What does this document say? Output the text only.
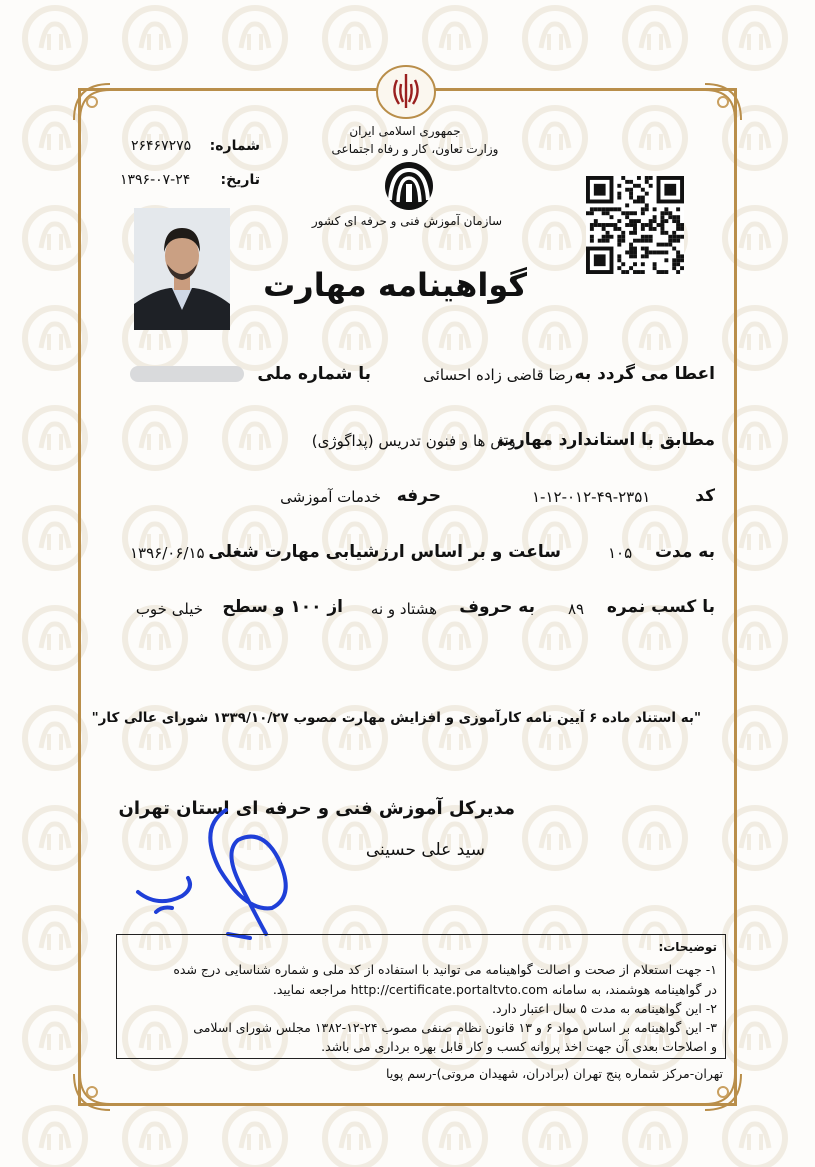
جمهوری اسلامی ایران
وزارت تعاون، کار و رفاه اجتماعی
سازمان آموزش فنی و حرفه ای کشور
شماره:
۲۶۴۶۷۲۷۵
تاریخ:
۱۳۹۶-۰۷-۲۴
گواهینامه مهارت
اعطا می گردد به
رضا قاضی زاده احسائی
با شماره ملی
مطابق با استاندارد مهارت
روش ها و فنون تدریس (پداگوژی)
کد
۱-۱۲-۰۱۲-۴۹-۲۳۵۱
حرفه
خدمات آموزشی
به مدت
۱۰۵
ساعت و بر اساس ارزشیابی مهارت شغلی
۱۳۹۶/۰۶/۱۵
با کسب نمره
۸۹
به حروف
هشتاد و نه
از ۱۰۰ و سطح
خیلی خوب
"به استناد ماده ۶ آیین نامه کارآموزی و افزایش مهارت مصوب ۱۳۳۹/۱۰/۲۷ شورای عالی کار"
مدیرکل آموزش فنی و حرفه ای استان تهران
سید علی حسینی
توضیحات:
۱- جهت استعلام از صحت و اصالت گواهینامه می توانید با استفاده از کد ملی و شماره شناسایی درج شده
در گواهینامه هوشمند، به سامانه http://certificate.portaltvto.com مراجعه نمایید.
۲- این گواهینامه به مدت ۵ سال اعتبار دارد.
۳- این گواهینامه بر اساس مواد ۶ و ۱۳ قانون نظام صنفی مصوب ۲۴-۱۲-۱۳۸۲ مجلس شورای اسلامی
و اصلاحات بعدی آن جهت اخذ پروانه کسب و کار قابل بهره برداری می باشد.
تهران-مرکز شماره پنج تهران (برادران، شهیدان مروتی)-رسم پویا
